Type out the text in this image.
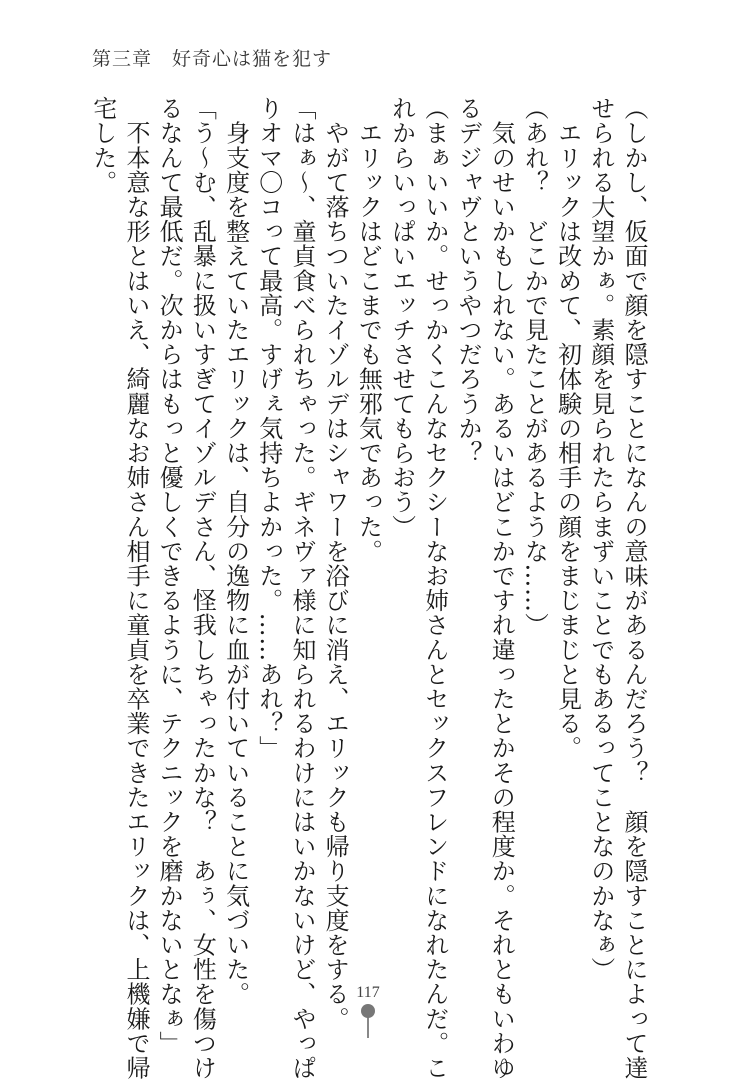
第三章 好奇心は猫を犯す

（しかし、仮面で顔を隠すことになんの意味があるんだろう？　顔を隠すことによって達

せられる大望かぁ。素顔を見られたらまずいことでもあるってことなのかなぁ）

　エリックは改めて、初体験の相手の顔をまじまじと見る。

（あれ？　どこかで見たことがあるような……）

　気のせいかもしれない。あるいはどこかですれ違ったとかその程度か。それともいわゆ

るデジャヴというやつだろうか？

（まぁいいか。せっかくこんなセクシーなお姉さんとセックスフレンドになれたんだ。こ

れからいっぱいエッチさせてもらおう）

　エリックはどこまでも無邪気であった。

　やがて落ちついたイゾルデはシャワーを浴びに消え、エリックも帰り支度をする。

「はぁ～、童貞食べられちゃった。ギネヴァ様に知られるわけにはいかないけど、やっぱ

りオマ〇コって最高。すげぇ気持ちよかった。……あれ？」

　身支度を整えていたエリックは、自分の逸物に血が付いていることに気づいた。

「う～む、乱暴に扱いすぎてイゾルデさん、怪我しちゃったかな？　あぅ、女性を傷つけ

るなんて最低だ。次からはもっと優しくできるように、テクニックを磨かないとなぁ」

　不本意な形とはいえ、綺麗なお姉さん相手に童貞を卒業できたエリックは、上機嫌で帰

宅した。

117
